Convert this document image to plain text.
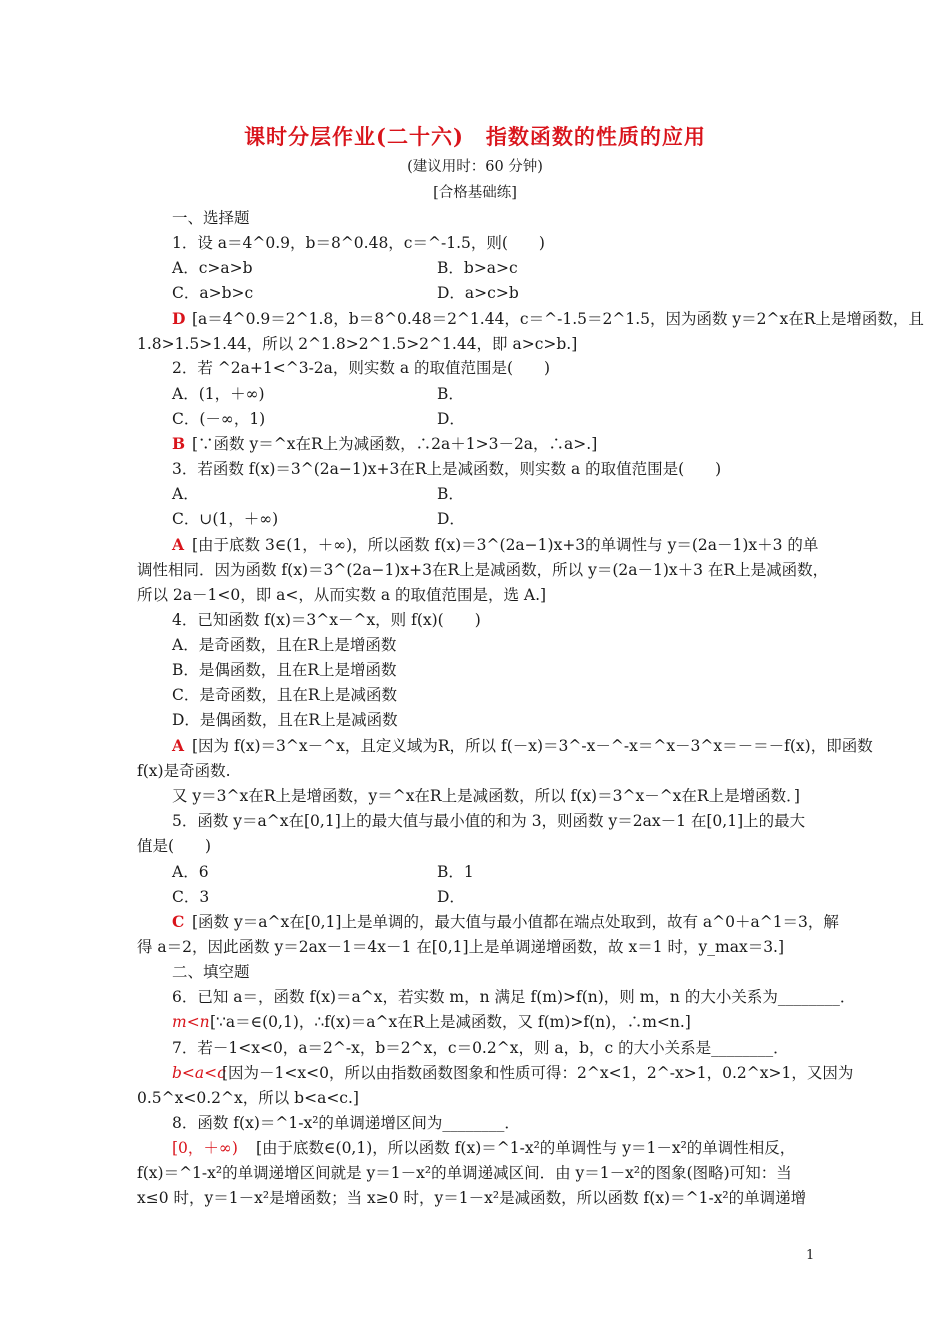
课时分层作业(二十六)　指数函数的性质的应用
(建议用时：60 分钟)
[合格基础练]
一、选择题
1．设 a＝4^0.9，b＝8^0.48，c＝^-1.5，则(　　)
A．c>a>b	B．b>a>c
C．a>b>c	D．a>c>b
D [a＝4^0.9＝2^1.8，b＝8^0.48＝2^1.44，c＝^-1.5＝2^1.5，因为函数 y＝2^x在R上是增函数，且
1.8>1.5>1.44，所以 2^1.8>2^1.5>2^1.44，即 a>c>b.]
2．若 ^2a+1<^3-2a，则实数 a 的取值范围是(　　)
A．(1，＋∞)	B．
C．(－∞，1)	D．
B [∵函数 y＝^x在R上为减函数，∴2a＋1>3－2a，∴a>.]
3．若函数 f(x)＝3^(2a−1)x+3在R上是减函数，则实数 a 的取值范围是(　　)
A．	B．
C．∪(1，＋∞)	D．
A [由于底数 3∈(1，＋∞)，所以函数 f(x)＝3^(2a−1)x+3的单调性与 y＝(2a－1)x＋3 的单
调性相同．因为函数 f(x)＝3^(2a−1)x+3在R上是减函数，所以 y＝(2a－1)x＋3 在R上是减函数，
所以 2a－1<0，即 a<，从而实数 a 的取值范围是，选 A.]
4．已知函数 f(x)＝3^x－^x，则 f(x)(　　)
A．是奇函数，且在R上是增函数
B．是偶函数，且在R上是增函数
C．是奇函数，且在R上是减函数
D．是偶函数，且在R上是减函数
A [因为 f(x)＝3^x－^x，且定义域为R，所以 f(－x)＝3^-x－^-x＝^x－3^x＝－＝－f(x)，即函数
f(x)是奇函数.
又 y＝3^x在R上是增函数，y＝^x在R上是减函数，所以 f(x)＝3^x－^x在R上是增函数．]
5．函数 y＝a^x在[0,1]上的最大值与最小值的和为 3，则函数 y＝2ax－1 在[0,1]上的最大
值是(　　)
A．6	B．1
C．3	D．
C [函数 y＝a^x在[0,1]上是单调的，最大值与最小值都在端点处取到，故有 a^0＋a^1＝3，解
得 a＝2，因此函数 y＝2ax－1＝4x－1 在[0,1]上是单调递增函数，故 x＝1 时，y_max＝3.]
二、填空题
6．已知 a＝，函数 f(x)＝a^x，若实数 m，n 满足 f(m)>f(n)，则 m，n 的大小关系为________．
m<n [∵a＝∈(0,1)，∴f(x)＝a^x在R上是减函数，又 f(m)>f(n)，∴m<n.]
7．若－1<x<0，a＝2^-x，b＝2^x，c＝0.2^x，则 a，b，c 的大小关系是________．
b<a<c
[因为－1<x<0，所以由指数函数图象和性质可得：2^x<1，2^-x>1，0.2^x>1，又因为
0.5^x<0.2^x，所以 b<a<c.]
8．函数 f(x)＝^1-x²的单调递增区间为________．
[0，＋∞) [由于底数∈(0,1)，所以函数 f(x)＝^1-x²的单调性与 y＝1－x²的单调性相反，
f(x)＝^1-x²的单调递增区间就是 y＝1－x²的单调递减区间．由 y＝1－x²的图象(图略)可知：当
x≤0 时，y＝1－x²是增函数；当 x≥0 时，y＝1－x²是减函数，所以函数 f(x)＝^1-x²的单调递增
1
